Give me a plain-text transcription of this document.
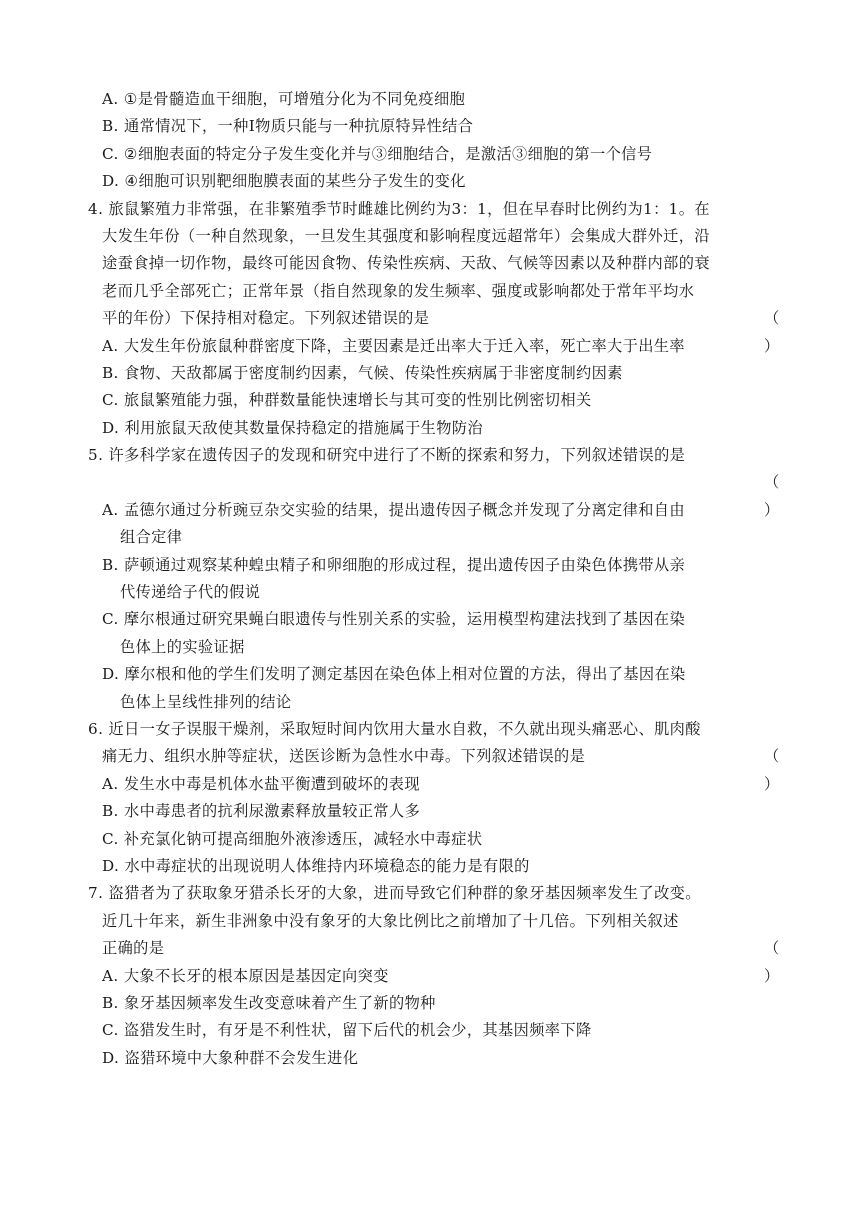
A. ①是骨髓造血干细胞，可增殖分化为不同免疫细胞
B. 通常情况下，一种Ⅰ物质只能与一种抗原特异性结合
C. ②细胞表面的特定分子发生变化并与③细胞结合，是激活③细胞的第一个信号
D. ④细胞可识别靶细胞膜表面的某些分子发生的变化
4. 旅鼠繁殖力非常强，在非繁殖季节时雌雄比例约为3：1，但在早春时比例约为1：1。在
大发生年份（一种自然现象，一旦发生其强度和影响程度远超常年）会集成大群外迁，沿
途蚕食掉一切作物，最终可能因食物、传染性疾病、天敌、气候等因素以及种群内部的衰
老而几乎全部死亡；正常年景（指自然现象的发生频率、强度或影响都处于常年平均水
平的年份）下保持相对稳定。下列叙述错误的是	（ ）
A. 大发生年份旅鼠种群密度下降，主要因素是迁出率大于迁入率，死亡率大于出生率
B. 食物、天敌都属于密度制约因素，气候、传染性疾病属于非密度制约因素
C. 旅鼠繁殖能力强，种群数量能快速增长与其可变的性别比例密切相关
D. 利用旅鼠天敌使其数量保持稳定的措施属于生物防治
5. 许多科学家在遗传因子的发现和研究中进行了不断的探索和努力，下列叙述错误的是
（ ）
A. 孟德尔通过分析豌豆杂交实验的结果，提出遗传因子概念并发现了分离定律和自由
组合定律
B. 萨顿通过观察某种蝗虫精子和卵细胞的形成过程，提出遗传因子由染色体携带从亲
代传递给子代的假说
C. 摩尔根通过研究果蝇白眼遗传与性别关系的实验，运用模型构建法找到了基因在染
色体上的实验证据
D. 摩尔根和他的学生们发明了测定基因在染色体上相对位置的方法，得出了基因在染
色体上呈线性排列的结论
6. 近日一女子误服干燥剂，采取短时间内饮用大量水自救，不久就出现头痛恶心、肌肉酸
痛无力、组织水肿等症状，送医诊断为急性水中毒。下列叙述错误的是	（ ）
A. 发生水中毒是机体水盐平衡遭到破坏的表现
B. 水中毒患者的抗利尿激素释放量较正常人多
C. 补充氯化钠可提高细胞外液渗透压，减轻水中毒症状
D. 水中毒症状的出现说明人体维持内环境稳态的能力是有限的
7. 盗猎者为了获取象牙猎杀长牙的大象，进而导致它们种群的象牙基因频率发生了改变。
近几十年来，新生非洲象中没有象牙的大象比例比之前增加了十几倍。下列相关叙述
正确的是	（ ）
A. 大象不长牙的根本原因是基因定向突变
B. 象牙基因频率发生改变意味着产生了新的物种
C. 盗猎发生时，有牙是不利性状，留下后代的机会少，其基因频率下降
D. 盗猎环境中大象种群不会发生进化
